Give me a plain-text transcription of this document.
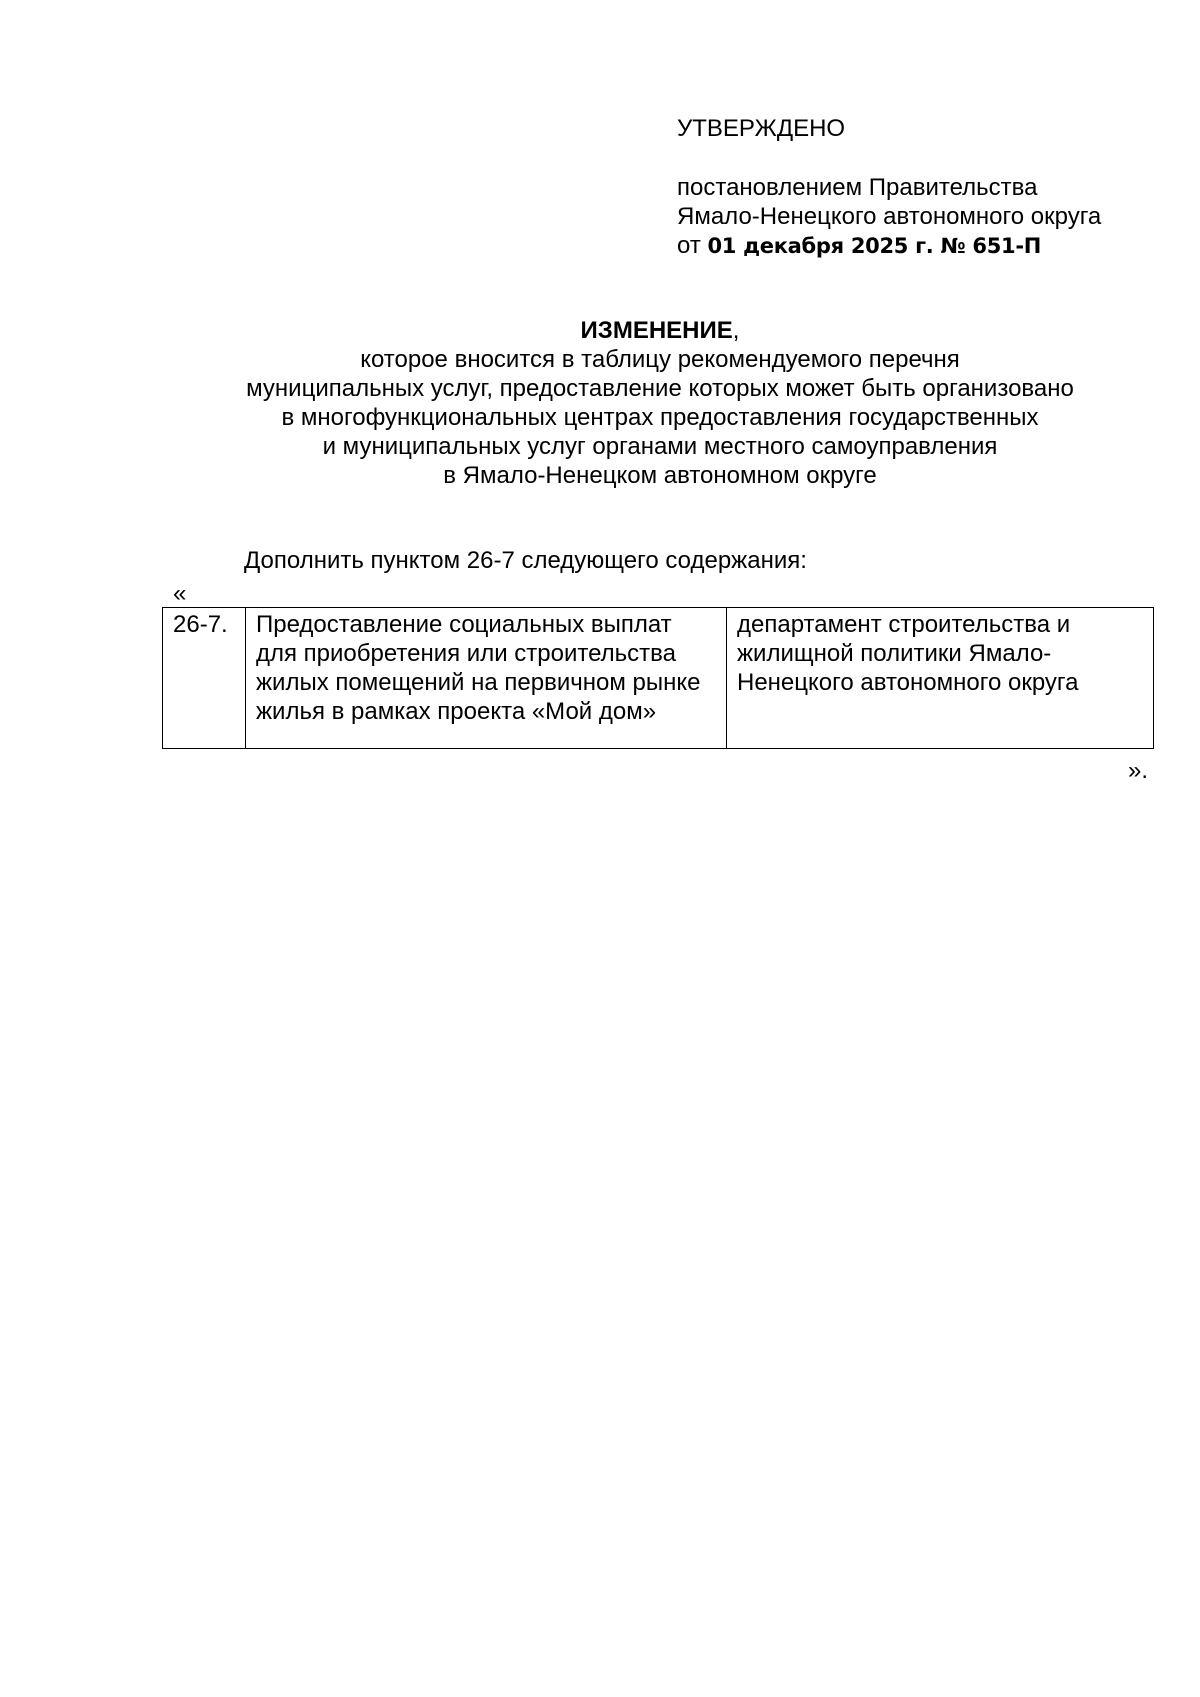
УТВЕРЖДЕНО
постановлением Правительства
Ямало-Ненецкого автономного округа
от 01 декабря 2025 г. № 651-П
ИЗМЕНЕНИЕ,
которое вносится в таблицу рекомендуемого перечня
муниципальных услуг, предоставление которых может быть организовано
в многофункциональных центрах предоставления государственных
и муниципальных услуг органами местного самоуправления
в Ямало-Ненецком автономном округе
Дополнить пунктом 26-7 следующего содержания:
«
26-7.	Предоставление социальных выплат для приобретения или строительства жилых помещений на первичном рынке жилья в рамках проекта «Мой дом»	департамент строительства и жилищной политики Ямало-Ненецкого автономного округа
».
